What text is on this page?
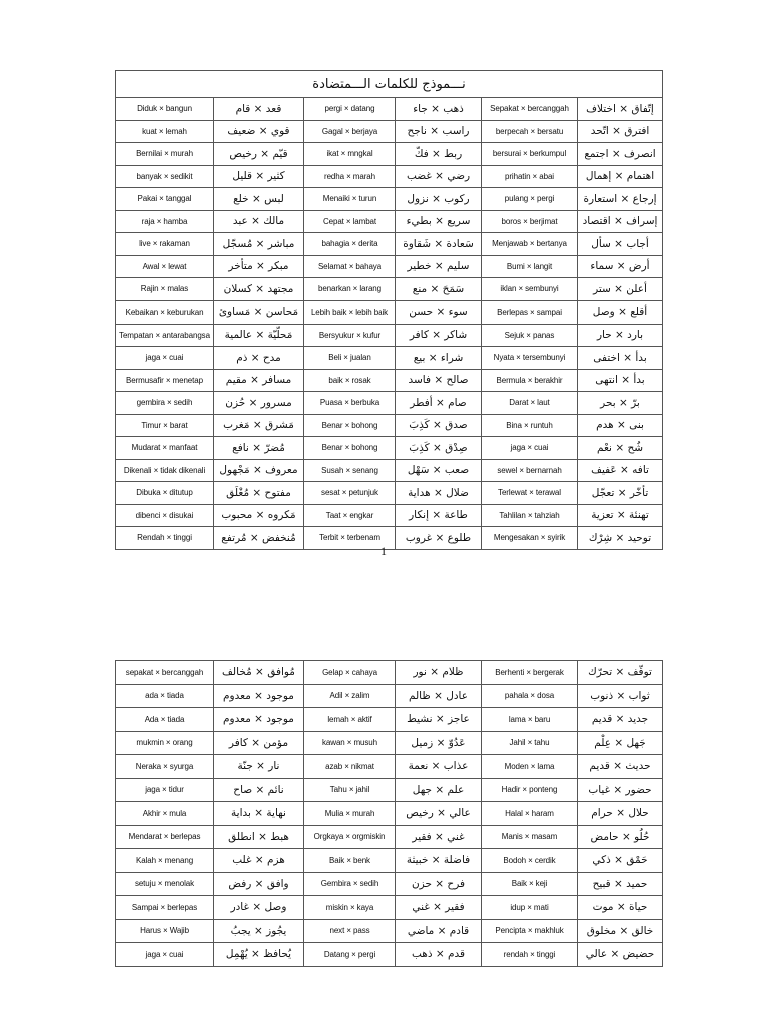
نـــموذج للكلمات الـــمتضادة					
Diduk × bangun	قعد × قام	pergi × datang	ذهب × جاء	Sepakat × bercanggah	إتّفاق × اختلاف
kuat × lemah	قوي × ضعيف	Gagal × berjaya	راسب × ناجح	berpecah × bersatu	افترق × اتّحد
Bernilai × murah	قيّم × رخيص	ikat × mngkal	ربط × فكّ	bersurai × berkumpul	انصرف × اجتمع
banyak × sedikit	كثير × قليل	redha × marah	رضي × غضب	prihatin × abai	اهتمام × إهمال
Pakai × tanggal	لبس × خلع	Menaiki × turun	ركوب × نزول	pulang × pergi	إرجاع × استعارة
raja × hamba	مالك × عبد	Cepat × lambat	سريع × بطيء	boros × berjimat	إسراف × اقتصاد
live × rakaman	مباشر × مُسجّل	bahagia × derita	سَعادة × شَقاوة	Menjawab × bertanya	أجاب × سأل
Awal × lewat	مبكر × متأخر	Selamat × bahaya	سليم × خطير	Bumi × langit	أرض × سماء
Rajin × malas	مجتهد × كسلان	benarkan × larang	سَمَحَ × منع	iklan × sembunyi	أعلن × ستر
Kebaikan × keburukan	مَحاسن × مَساوئ	Lebih baik × lebih baik	سوء × حسن	Berlepas × sampai	أقلع × وصل
Tempatan × antarabangsa	مَحلّيّة × عالمية	Bersyukur × kufur	شاكر × كافر	Sejuk × panas	بارد × حار
jaga × cuai	مدح × ذم	Beli × jualan	شراء × بيع	Nyata × tersembunyi	بدأ × اختفى
Bermusafir × menetap	مسافر × مقيم	baik × rosak	صالح × فاسد	Bermula × berakhir	بدأ × انتهى
gembira × sedih	مسرور × حُزن	Puasa × berbuka	صام × أفطر	Darat × laut	برّ × بحر
Timur × barat	مَشرق × مَغرب	Benar × bohong	صدق × كَذِبَ	Bina × runtuh	بنى × هدم
Mudarat × manfaat	مُضرّ × نافع	Benar × bohong	صِدْق × كَذِبَ	jaga × cuai	شُح × نعْم
Dikenali × tidak dikenali	معروف × مَجْهول	Susah × senang	صعب × سَهْل	sewel × bernarnah	تافه × عَفيف
Dibuka × ditutup	مفتوح × مُغْلَق	sesat × petunjuk	ضلال × هداية	Terlewat × terawal	تأخّر × تعجّل
dibenci × disukai	مَكروه × محبوب	Taat × engkar	طاعة × إنكار	Tahlilan × tahziah	تهنئة × تعزية
Rendah × tinggi	مُنخفض × مُرتفع	Terbit × terbenam	طلوع × غروب	Mengesakan × syirik	توحيد × شِرْك
1
sepakat × bercanggah	مُوافق × مُخالف	Gelap × cahaya	ظلام × نور	Berhenti × bergerak	توقّف × تحرّك
ada × tiada	موجود × معدوم	Adil × zalim	عادل × ظالم	pahala × dosa	ثواب × ذنوب
Ada × tiada	موجود × معدوم	lemah × aktif	عاجز × نشيط	lama × baru	جديد × قديم
mukmin × orang	مؤمن × كافر	kawan × musuh	عَدُوّ × زميل	Jahil × tahu	جَهل × عِلْم
Neraka × syurga	نار × جنّة	azab × nikmat	عذاب × نعمة	Moden × lama	حديث × قديم
jaga × tidur	نائم × صاح	Tahu × jahil	علم × جهل	Hadir × ponteng	حضور × غياب
Akhir × mula	نهاية × بداية	Mulia × murah	عالي × رخيص	Halal × haram	حلال × حرام
Mendarat × berlepas	هبط × انطلق	Orgkaya × orgmiskin	غني × فقير	Manis × masam	حُلُو × حامض
Kalah × menang	هزم × غلب	Baik × benk	فاضلة × خبيثة	Bodoh × cerdik	حَمْق × ذكي
setuju × menolak	وافق × رفض	Gembira × sedih	فرح × حزن	Baik × keji	حميد × قبيح
Sampai × berlepas	وصل × غادر	miskin × kaya	فقير × غني	idup × mati	حياة × موت
Harus × Wajib	يجُوز × يجبُ	next × pass	قادم × ماضي	Pencipta × makhluk	خالق × مخلوق
jaga × cuai	يُحافظ × يُهْمِل	Datang × pergi	قدم × ذهب	rendah × tinggi	حضيض × عالي
